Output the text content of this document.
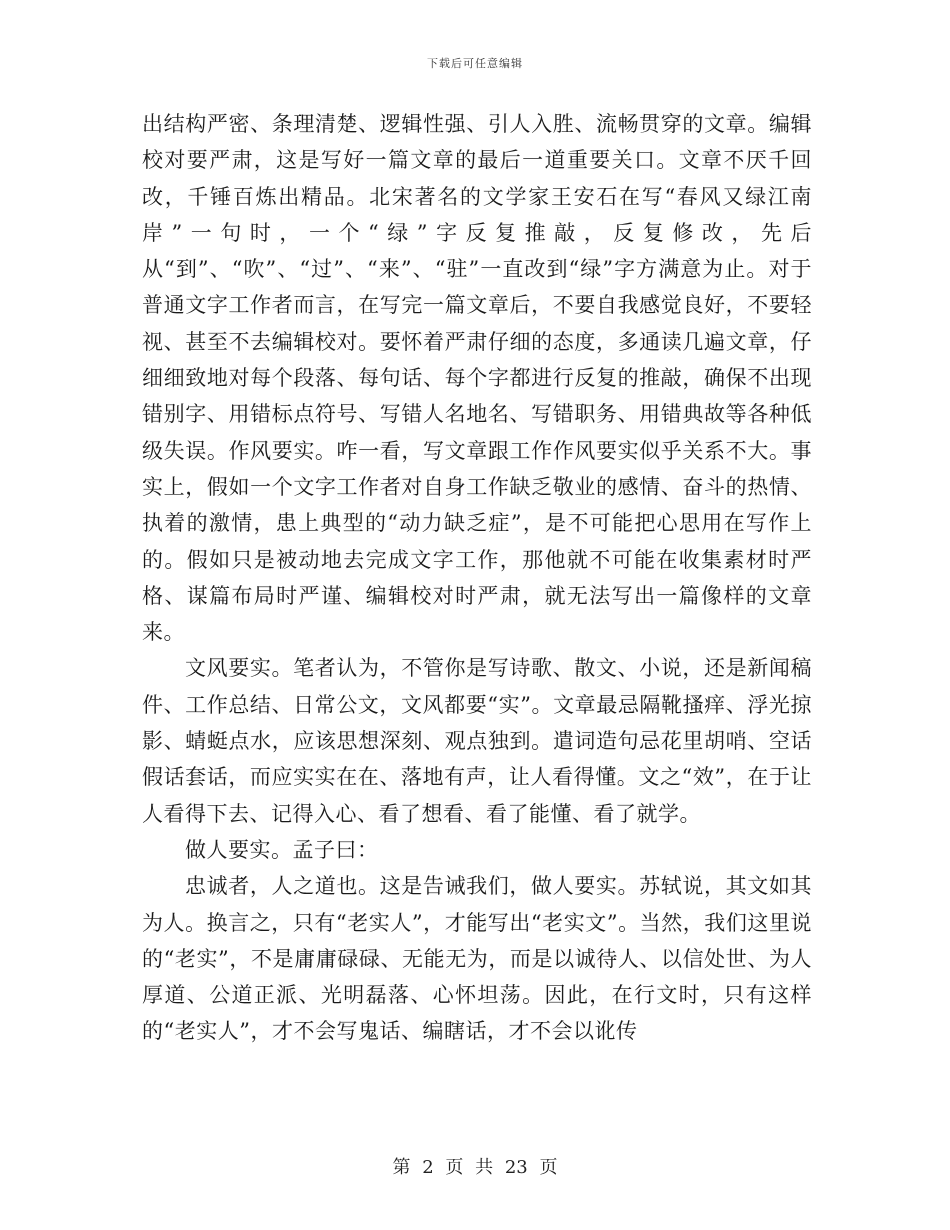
下载后可任意编辑

出结构严密、条理清楚、逻辑性强、引人入胜、流畅贯穿的文章。编辑校对要严肃，这是写好一篇文章的最后一道重要关口。文章不厌千回改，千锤百炼出精品。北宋著名的文学家王安石在写“春风又绿江南岸”一句时，一个“绿”字反复推敲，反复修改，先后从“到”、“吹”、“过”、“来”、“驻”一直改到“绿”字方满意为止。对于普通文字工作者而言，在写完一篇文章后，不要自我感觉良好，不要轻视、甚至不去编辑校对。要怀着严肃仔细的态度，多通读几遍文章，仔细细致地对每个段落、每句话、每个字都进行反复的推敲，确保不出现错别字、用错标点符号、写错人名地名、写错职务、用错典故等各种低级失误。作风要实。咋一看，写文章跟工作作风要实似乎关系不大。事实上，假如一个文字工作者对自身工作缺乏敬业的感情、奋斗的热情、执着的激情，患上典型的“动力缺乏症”，是不可能把心思用在写作上的。假如只是被动地去完成文字工作，那他就不可能在收集素材时严格、谋篇布局时严谨、编辑校对时严肃，就无法写出一篇像样的文章来。

文风要实。笔者认为，不管你是写诗歌、散文、小说，还是新闻稿件、工作总结、日常公文，文风都要“实”。文章最忌隔靴搔痒、浮光掠影、蜻蜓点水，应该思想深刻、观点独到。遣词造句忌花里胡哨、空话假话套话，而应实实在在、落地有声，让人看得懂。文之“效”，在于让人看得下去、记得入心、看了想看、看了能懂、看了就学。

做人要实。孟子曰：

忠诚者，人之道也。这是告诫我们，做人要实。苏轼说，其文如其为人。换言之，只有“老实人”，才能写出“老实文”。当然，我们这里说的“老实”，不是庸庸碌碌、无能无为，而是以诚待人、以信处世、为人厚道、公道正派、光明磊落、心怀坦荡。因此，在行文时，只有这样的“老实人”，才不会写鬼话、编瞎话，才不会以讹传

第 2 页 共 23 页
